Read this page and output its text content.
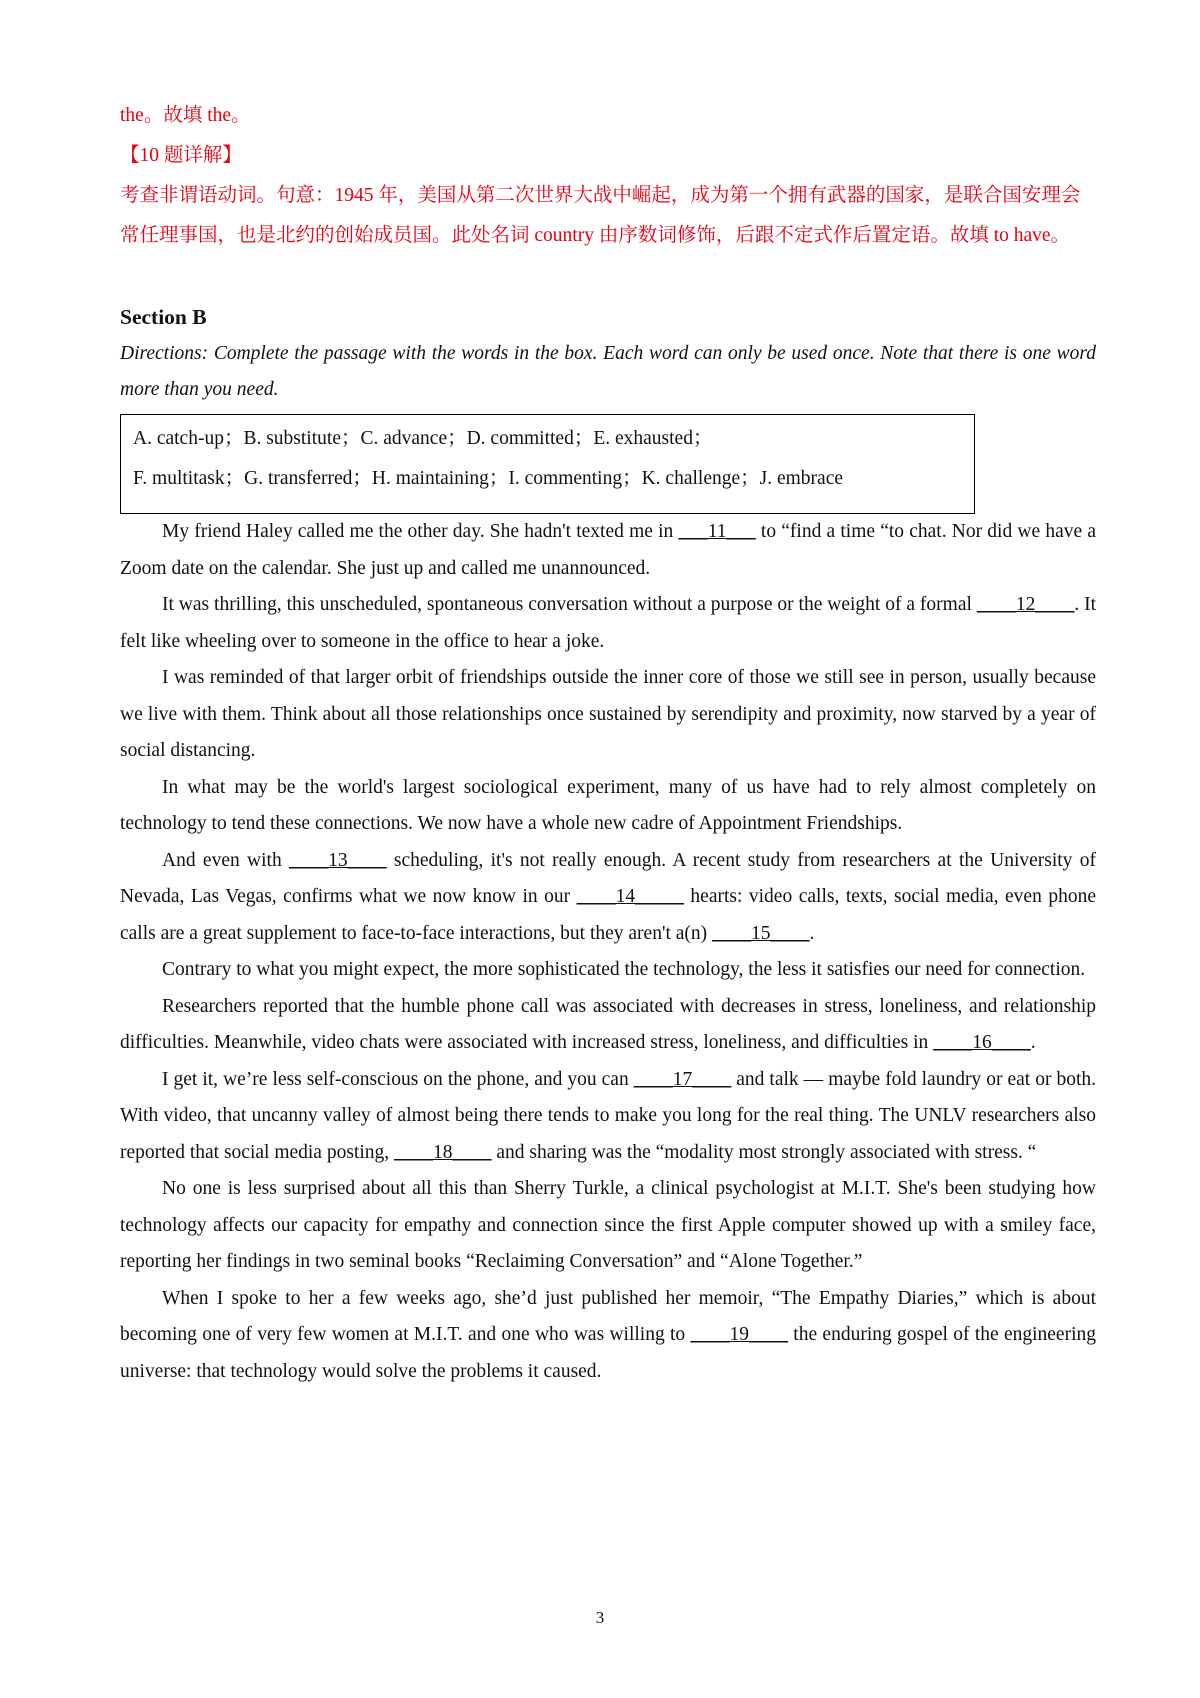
the。故填 the。

【10 题详解】

考查非谓语动词。句意：1945 年，美国从第二次世界大战中崛起，成为第一个拥有武器的国家，是联合国安理会常任理事国，也是北约的创始成员国。此处名词 country 由序数词修饰，后跟不定式作后置定语。故填 to have。

Section B
Directions: Complete the passage with the words in the box. Each word can only be used once. Note that there is one word more than you need.

A. catch-up；B. substitute；C. advance；D. committed；E. exhausted；

F. multitask；G. transferred；H. maintaining；I. commenting；K. challenge；J. embrace

My friend Haley called me the other day. She hadn't texted me in ___11___ to “find a time “to chat. Nor did we have a Zoom date on the calendar. She just up and called me unannounced.

It was thrilling, this unscheduled, spontaneous conversation without a purpose or the weight of a formal ____12____. It felt like wheeling over to someone in the office to hear a joke.

I was reminded of that larger orbit of friendships outside the inner core of those we still see in person, usually because we live with them. Think about all those relationships once sustained by serendipity and proximity, now starved by a year of social distancing.

In what may be the world's largest sociological experiment, many of us have had to rely almost completely on technology to tend these connections. We now have a whole new cadre of Appointment Friendships.

And even with ____13____ scheduling, it's not really enough. A recent study from researchers at the University of Nevada, Las Vegas, confirms what we now know in our ____14_____ hearts: video calls, texts, social media, even phone calls are a great supplement to face-to-face interactions, but they aren't a(n) ____15____.

Contrary to what you might expect, the more sophisticated the technology, the less it satisfies our need for connection.

Researchers reported that the humble phone call was associated with decreases in stress, loneliness, and relationship difficulties. Meanwhile, video chats were associated with increased stress, loneliness, and difficulties in ____16____.

I get it, we’re less self-conscious on the phone, and you can ____17____ and talk — maybe fold laundry or eat or both. With video, that uncanny valley of almost being there tends to make you long for the real thing. The UNLV researchers also reported that social media posting, ____18____ and sharing was the “modality most strongly associated with stress. “

No one is less surprised about all this than Sherry Turkle, a clinical psychologist at M.I.T. She's been studying how technology affects our capacity for empathy and connection since the first Apple computer showed up with a smiley face, reporting her findings in two seminal books “Reclaiming Conversation” and “Alone Together.”

When I spoke to her a few weeks ago, she’d just published her memoir, “The Empathy Diaries,” which is about becoming one of very few women at M.I.T. and one who was willing to ____19____ the enduring gospel of the engineering universe: that technology would solve the problems it caused.

3
